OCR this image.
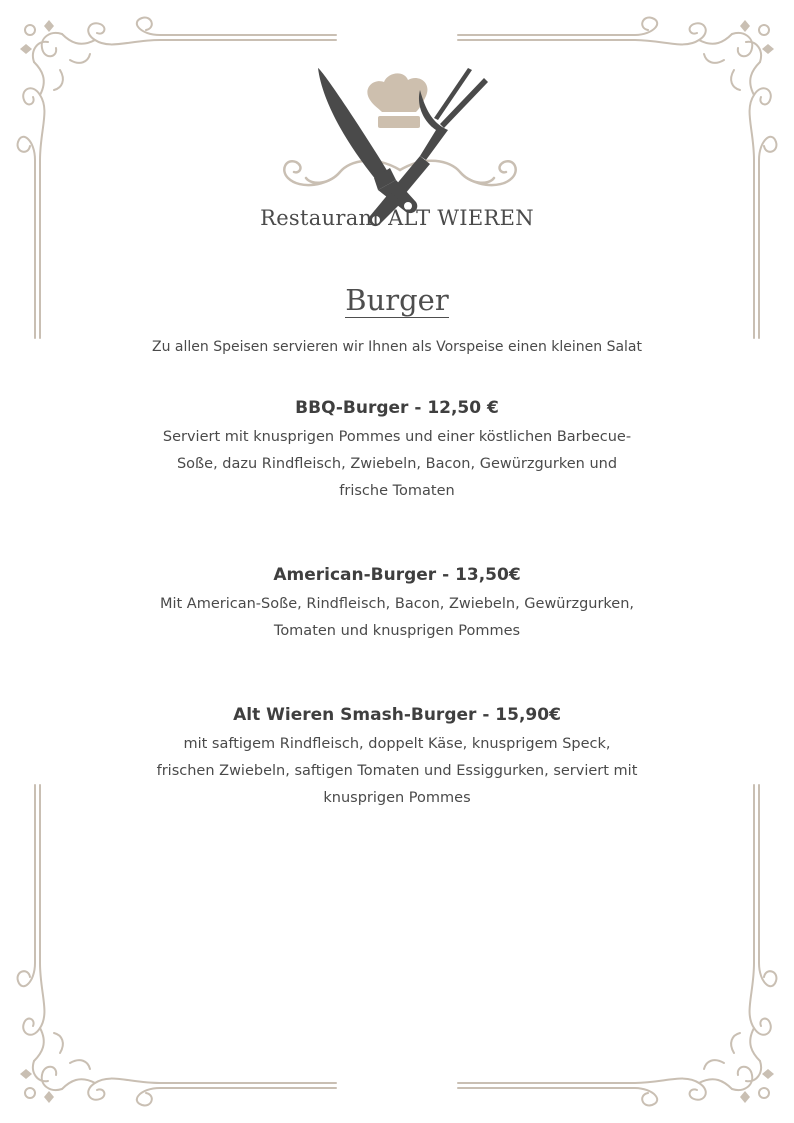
Restaurant ALT WIEREN
Burger
Zu allen Speisen servieren wir Ihnen als Vorspeise einen kleinen Salat
BBQ-Burger - 12,50 €

Serviert mit knusprigen Pommes und einer köstlichen Barbecue-
Soße, dazu Rindfleisch, Zwiebeln, Bacon, Gewürzgurken und
frische Tomaten

American-Burger - 13,50€

Mit American-Soße, Rindfleisch, Bacon, Zwiebeln, Gewürzgurken,
Tomaten und knusprigen Pommes

Alt Wieren Smash-Burger - 15,90€

mit saftigem Rindfleisch, doppelt Käse, knusprigem Speck,
frischen Zwiebeln, saftigen Tomaten und Essiggurken, serviert mit
knusprigen Pommes
